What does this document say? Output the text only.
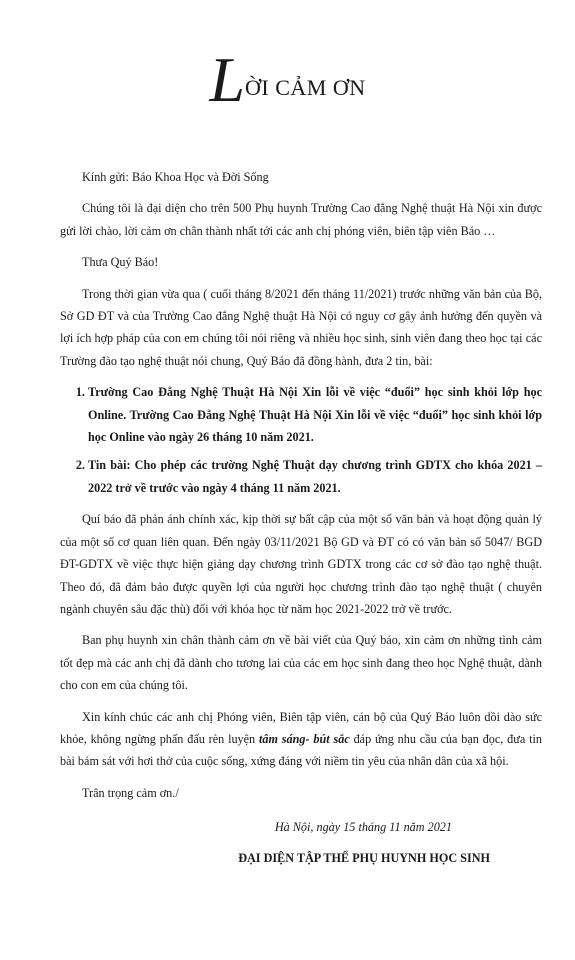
LỜI CẢM ƠN

Kính gửi: Báo Khoa Học và Đời Sống

Chúng tôi là đại diện cho trên 500 Phụ huynh Trường Cao đẳng Nghệ thuật Hà Nội xin được gửi lời chào, lời cảm ơn chân thành nhất tới các anh chị phóng viên, biên tập viên Báo …

Thưa Quý Báo!

Trong thời gian vừa qua ( cuối tháng 8/2021 đến tháng 11/2021) trước những văn bản của Bộ, Sở GD ĐT và của Trường Cao đẳng Nghệ thuật Hà Nội có nguy cơ gây ảnh hưởng đến quyền và lợi ích hợp pháp của con em chúng tôi nói riêng và nhiều học sinh, sinh viên đang theo học tại các Trường đào tạo nghệ thuật nói chung, Quý Báo đã đồng hành, đưa 2 tin, bài:

1. Trường Cao Đẳng Nghệ Thuật Hà Nội Xin lỗi về việc “đuổi” học sinh khỏi lớp học Online. Trường Cao Đẳng Nghệ Thuật Hà Nội Xin lỗi về việc “đuổi” học sinh khỏi lớp học Online vào ngày 26 tháng 10 năm 2021.
2. Tin bài: Cho phép các trường Nghệ Thuật dạy chương trình GDTX cho khóa 2021 – 2022 trở về trước vào ngày 4 tháng 11 năm 2021.

Quí báo đã phản ánh chính xác, kịp thời sự bất cập của một số văn bản và hoạt động quản lý của một số cơ quan liên quan. Đến ngày 03/11/2021 Bộ GD và ĐT có có văn bản số 5047/ BGD ĐT-GDTX về việc thực hiện giảng dạy chương trình GDTX trong các cơ sở đào tạo nghệ thuật. Theo đó, đã đảm bảo được quyền lợi của người học chương trình đào tạo nghệ thuật ( chuyên ngành chuyên sâu đặc thù) đối với khóa học từ năm học 2021-2022 trở về trước.

Ban phụ huynh xin chân thành cảm ơn về bài viết của Quý báo, xin cảm ơn những tình cảm tốt đẹp mà các anh chị đã dành cho tương lai của các em học sinh đang theo học Nghệ thuật, dành cho con em của chúng tôi.

Xin kính chúc các anh chị Phóng viên, Biên tập viên, cán bộ của Quý Báo luôn dồi dào sức khỏe, không ngừng phấn đấu rèn luyện tâm sáng- bút sắc đáp ứng nhu cầu của bạn đọc, đưa tin bài bám sát với hơi thở của cuộc sống, xứng đáng với niềm tin yêu của nhân dân của xã hội.

Trân trọng cảm ơn./

Hà Nội, ngày 15 tháng 11 năm 2021

ĐẠI DIỆN TẬP THỂ PHỤ HUYNH HỌC SINH
